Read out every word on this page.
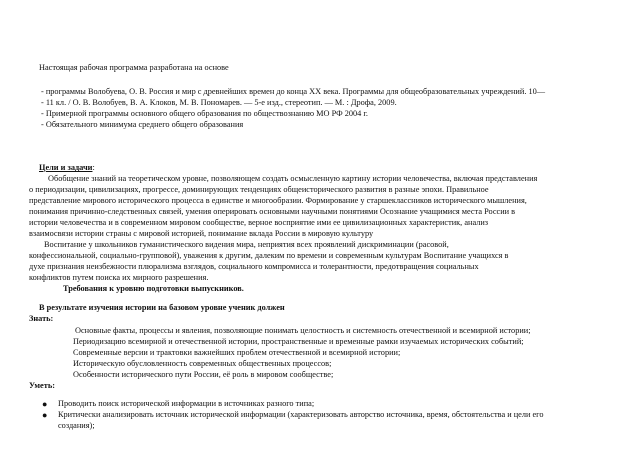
Настоящая рабочая программа разработана на основе

- программы Волобуева, О. В. Россия и мир с древнейших времен до конца XX века. Программы для общеобразовательных учреждений. 10—

- 11 кл. / О. В. Волобуев, В. А. Клоков, М. В. Пономарев. — 5-е изд., стереотип. — М. : Дрофа, 2009.

- Примерной программы основного общего образования по обществознанию МО РФ 2004 г.

- Обязательного минимума среднего общего образования

Цели и задачи:

Обобщение знаний на теоретическом уровне, позволяющем создать осмысленную картину истории человечества, включая представления

о периодизации, цивилизациях, прогрессе, доминирующих тенденциях общеисторического развития в разные эпохи. Правильное

представление мирового исторического процесса в единстве и многообразии. Формирование у старшеклассников исторического мышления,

понимания причинно-следственных связей, умения оперировать основными научными понятиями Осознание учащимися места России в

истории человечества и в современном мировом сообществе, верное восприятие ими ее цивилизационных характеристик, анализ

взаимосвязи истории страны с мировой историей, понимание вклада России в мировую культуру

Воспитание у школьников гуманистического видения мира, неприятия всех проявлений дискриминации (расовой,

конфессиональной, социально-групповой), уважения к другим, далеким по времени и современным культурам Воспитание учащихся в

духе признания неизбежности плюрализма взглядов, социального компромисса и толерантности, предотвращения социальных

конфликтов путем поиска их мирного разрешения.

Требования к уровню подготовки выпускников.

В результате изучения истории на базовом уровне ученик должен

Знать:

Основные факты, процессы и явления, позволяющие понимать целостность и системность отечественной и всемирной истории;

Периодизацию всемирной и отечественной истории, пространственные и временные рамки изучаемых исторических событий;

Современные версии и трактовки важнейших проблем отечественной и всемирной истории;

Историческую обусловленность современных общественных процессов;

Особенности исторического пути России, её роль в мировом сообществе;

Уметь:

● Проводить поиск исторической информации в источниках разного типа;

● Критически анализировать источник исторической информации (характеризовать авторство источника, время, обстоятельства и цели его

создания);
